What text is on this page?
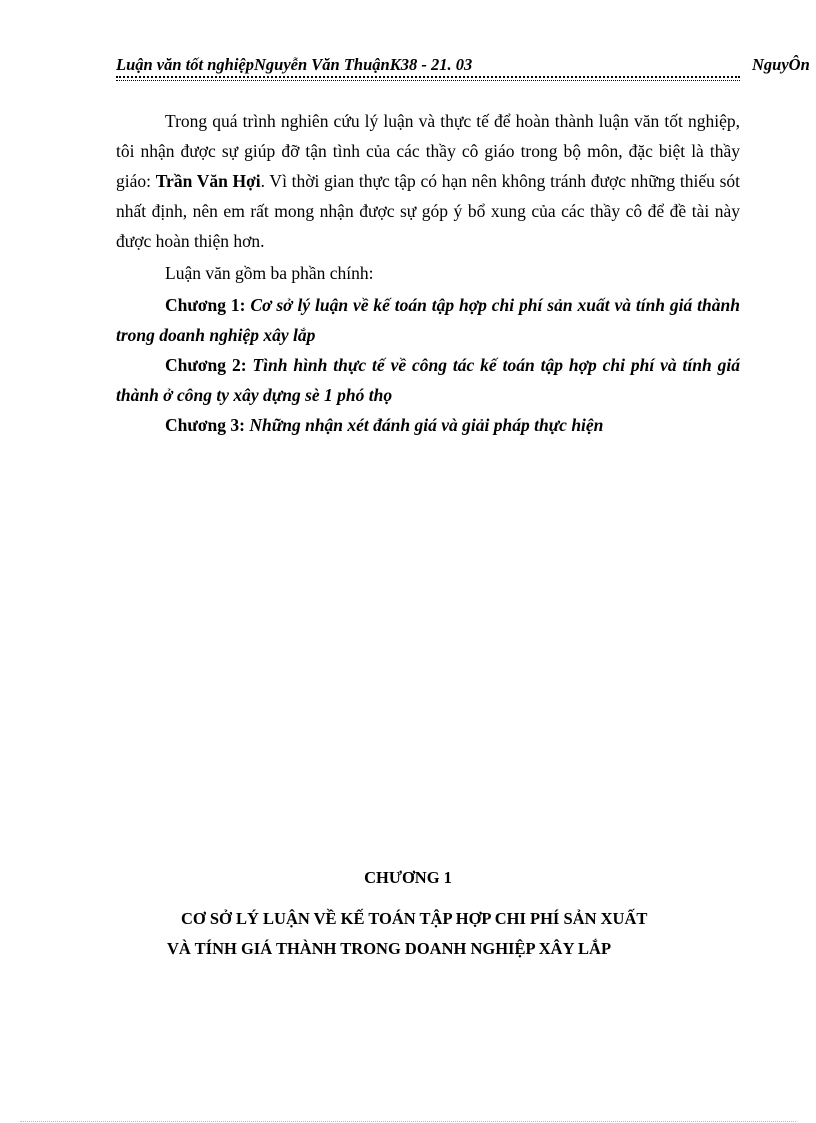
Luận văn tốt nghiệpNguyễn Văn ThuậnK38 - 21. 03	NguyÔn

Trong quá trình nghiên cứu lý luận và thực tế để hoàn thành luận văn tốt nghiệp, tôi nhận được sự giúp đỡ tận tình của các thầy cô giáo trong bộ môn, đặc biệt là thầy giáo: Trần Văn Hợi. Vì thời gian thực tập có hạn nên không tránh được những thiếu sót nhất định, nên em rất mong nhận được sự góp ý bổ xung của các thầy cô để đề tài này được hoàn thiện hơn.

Luận văn gồm ba phần chính:

Chương 1: Cơ sở lý luận về kế toán tập hợp chi phí sản xuất và tính giá thành trong doanh nghiệp xây lắp

Chương 2: Tình hình thực tế về công tác kế toán tập hợp chi phí và tính giá thành ở công ty xây dựng sè 1 phó thọ

Chương 3: Những nhận xét đánh giá và giải pháp thực hiện

CHƯƠNG 1
CƠ SỞ LÝ LUẬN VỀ KẾ TOÁN TẬP HỢP CHI PHÍ SẢN XUẤT
VÀ TÍNH GIÁ THÀNH TRONG DOANH NGHIỆP XÂY LẮP
